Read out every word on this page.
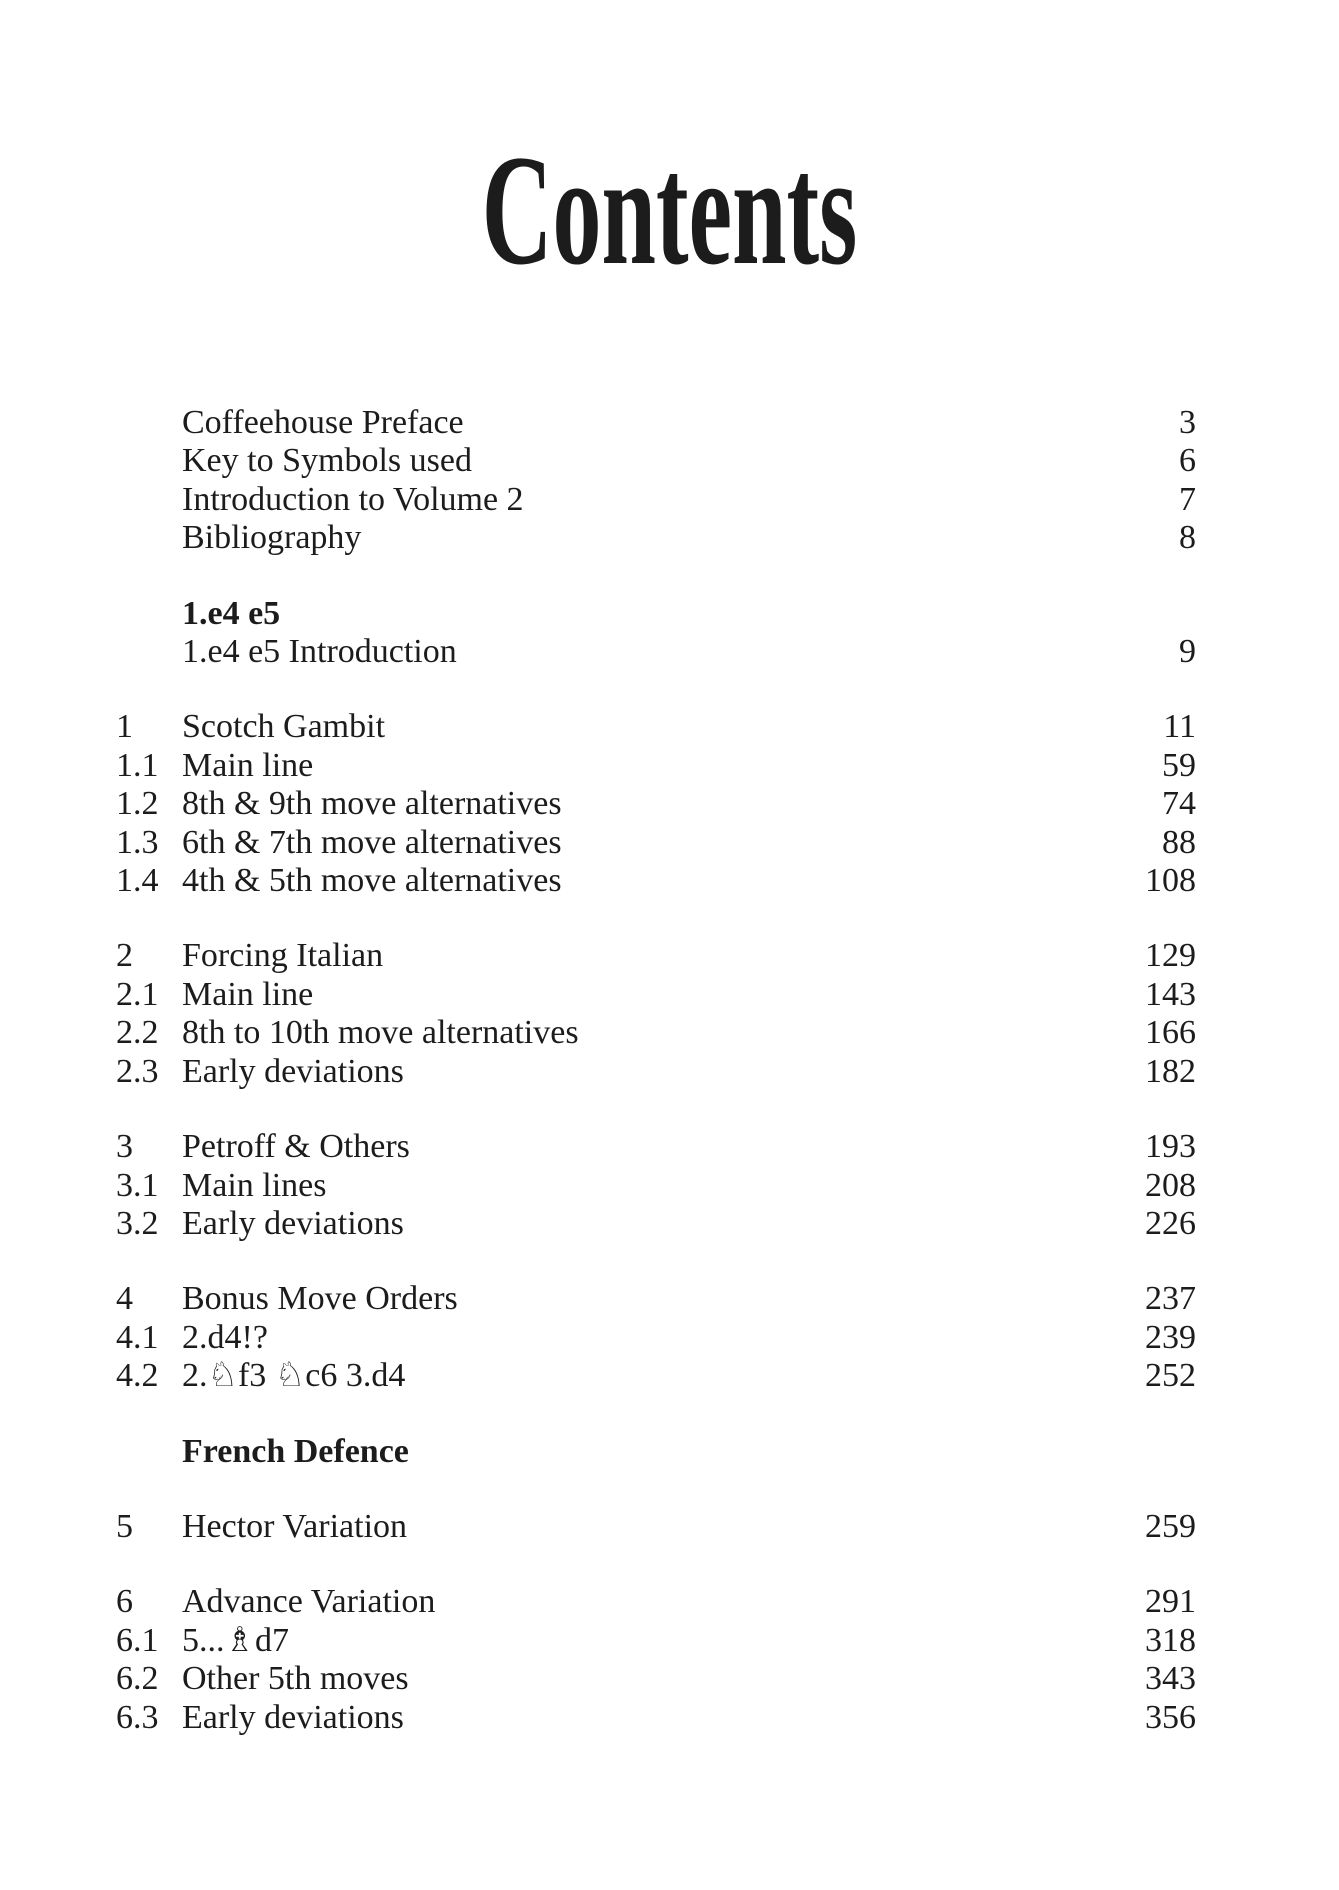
Contents
Coffeehouse Preface	3
Key to Symbols used	6
Introduction to Volume 2	7
Bibliography	8
1.e4 e5
1.e4 e5 Introduction	9
1	Scotch Gambit	11
1.1 Main line	59
1.2 8th & 9th move alternatives	74
1.3 6th & 7th move alternatives	88
1.4 4th & 5th move alternatives	108
2	Forcing Italian	129
2.1 Main line	143
2.2 8th to 10th move alternatives	166
2.3 Early deviations	182
3	Petroff & Others	193
3.1 Main lines	208
3.2 Early deviations	226
4	Bonus Move Orders	237
4.1 2.d4!?	239
4.2 2.♘f3 ♘c6 3.d4	252
French Defence
5	Hector Variation	259
6	Advance Variation	291
6.1 5...♗d7	318
6.2 Other 5th moves	343
6.3 Early deviations	356
